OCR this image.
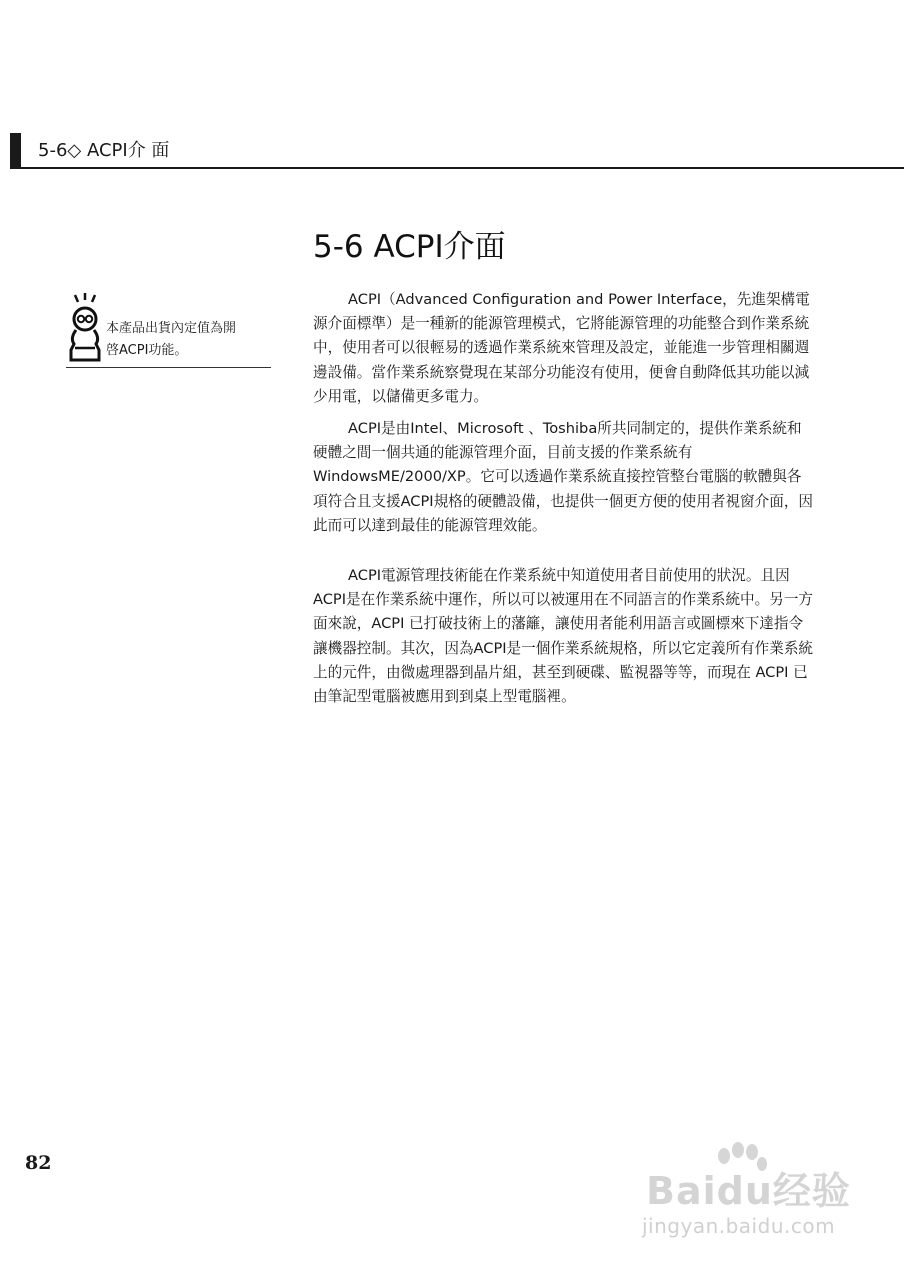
5-6◇ ACPI介 面
5-6 ACPI介面
本產品出貨內定值為開
啓ACPI功能。

ACPI（Advanced Configuration and Power Interface，先進架構電源介面標準）是一種新的能源管理模式，它將能源管理的功能整合到作業系統中，使用者可以很輕易的透過作業系統來管理及設定，並能進一步管理相關週邊設備。當作業系統察覺現在某部分功能沒有使用，便會自動降低其功能以減少用電，以儲備更多電力。

ACPI是由Intel、Microsoft 、Toshiba所共同制定的，提供作業系統和硬體之間一個共通的能源管理介面，目前支援的作業系統有WindowsME/2000/XP。它可以透過作業系統直接控管整台電腦的軟體與各項符合且支援ACPI規格的硬體設備，也提供一個更方便的使用者視窗介面，因此而可以達到最佳的能源管理效能。

ACPI電源管理技術能在作業系統中知道使用者目前使用的狀況。且因ACPI是在作業系統中運作，所以可以被運用在不同語言的作業系統中。另一方面來說，ACPI 已打破技術上的藩籬，讓使用者能利用語言或圖標來下達指令讓機器控制。其次，因為ACPI是一個作業系統規格，所以它定義所有作業系統上的元件，由微處理器到晶片組，甚至到硬碟、監視器等等，而現在 ACPI 已由筆記型電腦被應用到到桌上型電腦裡。

82
Baidu经验
jingyan.baidu.com
